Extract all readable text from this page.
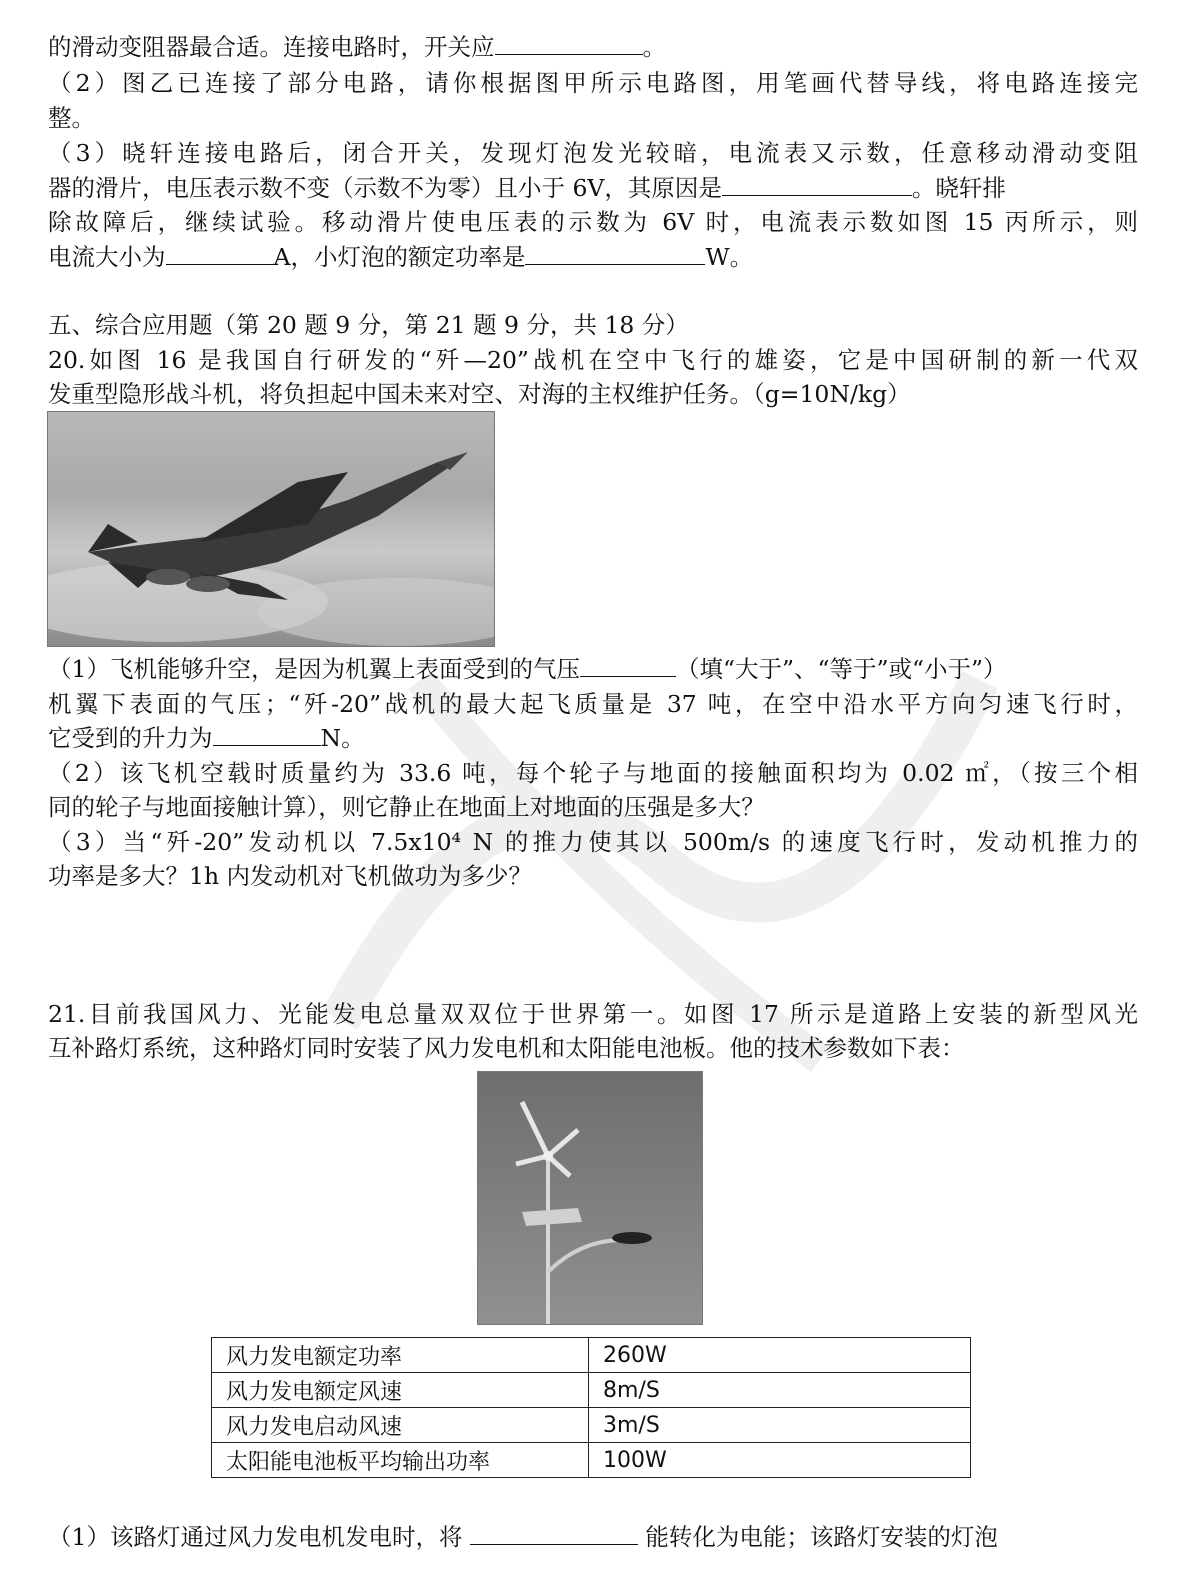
的滑动变阻器最合适。连接电路时，开关应	。
（2）图乙已连接了部分电路，请你根据图甲所示电路图，用笔画代替导线，将电路连接完
整。
（3）晓轩连接电路后，闭合开关，发现灯泡发光较暗，电流表又示数，任意移动滑动变阻
器的滑片，电压表示数不变（示数不为零）且小于 6V，其原因是	。晓轩排
除故障后，继续试验。移动滑片使电压表的示数为 6V 时，电流表示数如图 15 丙所示，则
电流大小为	A，小灯泡的额定功率是	W。
五、综合应用题（第 20 题 9 分，第 21 题 9 分，共 18 分）
20.如图 16 是我国自行研发的“歼—20”战机在空中飞行的雄姿，它是中国研制的新一代双
发重型隐形战斗机，将负担起中国未来对空、对海的主权维护任务。（g=10N/kg）
（1）飞机能够升空，是因为机翼上表面受到的气压	（填“大于”、“等于”或“小于”）
机翼下表面的气压；“歼-20”战机的最大起飞质量是 37 吨，在空中沿水平方向匀速飞行时，
它受到的升力为	N。
（2）该飞机空载时质量约为 33.6 吨，每个轮子与地面的接触面积均为 0.02 ㎡，（按三个相
同的轮子与地面接触计算），则它静止在地面上对地面的压强是多大？
（3）当“歼-20”发动机以 7.5x10⁴ N 的推力使其以 500m/s 的速度飞行时，发动机推力的
功率是多大？1h 内发动机对飞机做功为多少？
21.目前我国风力、光能发电总量双双位于世界第一。如图 17 所示是道路上安装的新型风光
互补路灯系统，这种路灯同时安装了风力发电机和太阳能电池板。他的技术参数如下表：
风力发电额定功率	260W
风力发电额定风速	8m/S
风力发电启动风速	3m/S
太阳能电池板平均输出功率	100W
（1）该路灯通过风力发电机发电时，将	能转化为电能；该路灯安装的灯泡
